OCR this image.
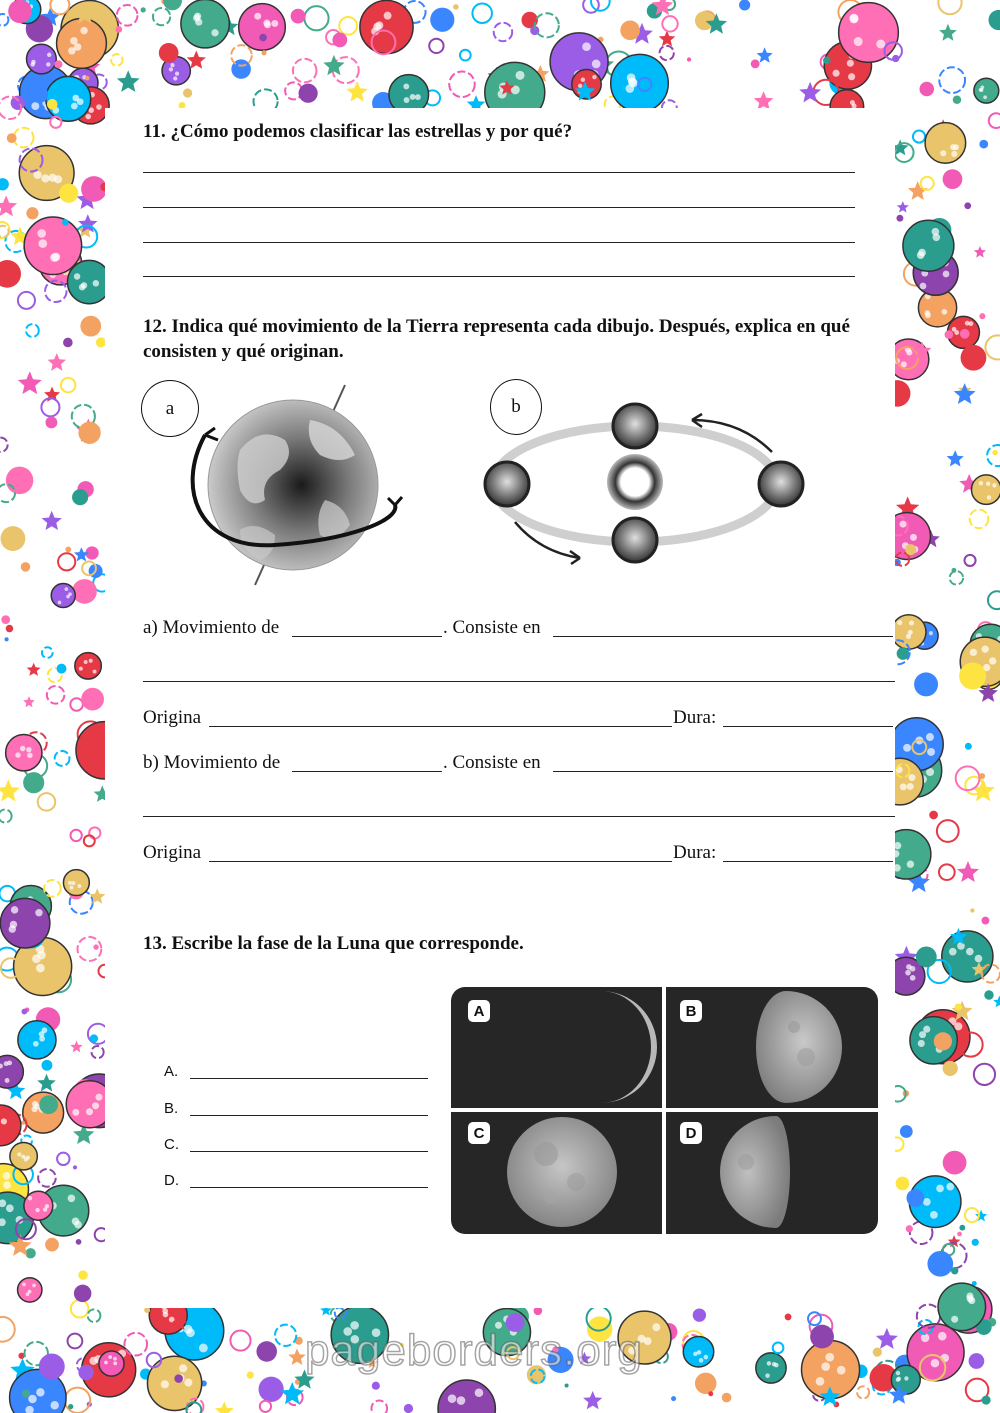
11. ¿Cómo podemos clasificar las estrellas y por qué?
12. Indica qué movimiento de la Tierra representa cada dibujo. Después, explica en qué
consisten y qué originan.
a	b
a) Movimiento de	. Consiste en
Origina	Dura:
b) Movimiento de	. Consiste en
Origina	Dura:
13. Escribe la fase de la Luna que corresponde.
A.
B.
C.
D.
A	B
C	D
pageborders.org
